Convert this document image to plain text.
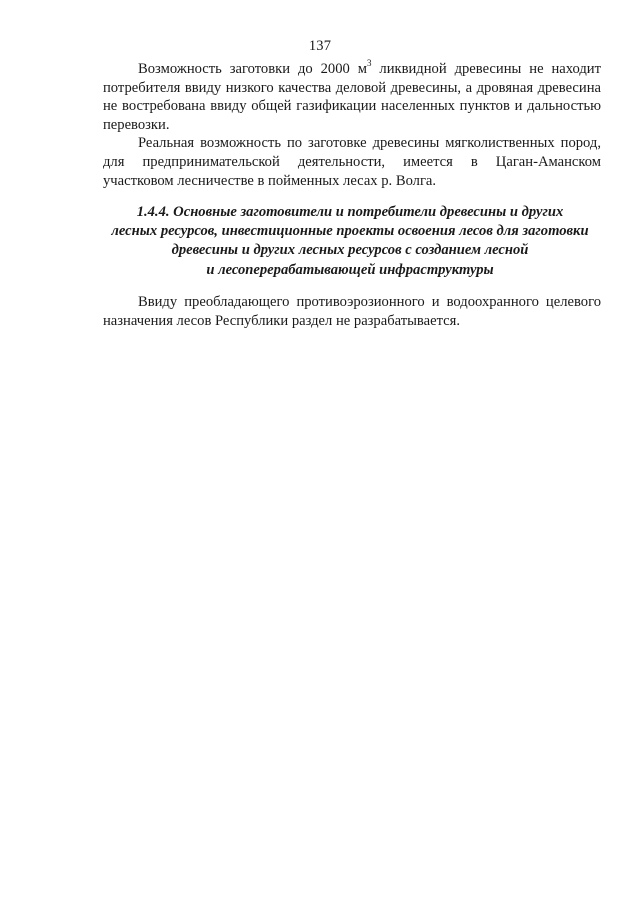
137

Возможность заготовки до 2000 $м^3$ ликвидной древесины не находит потребителя ввиду низкого качества деловой древесины, а дровяная древесина не востребована ввиду общей газификации населенных пунктов и дальностью перевозки.

Реальная возможность по заготовке древесины мягколиственных пород, для предпринимательской деятельности, имеется в Цаган-Аманском участковом лесничестве в пойменных лесах р. Волга.

1.4.4. Основные заготовители и потребители древесины и других
лесных ресурсов, инвестиционные проекты освоения лесов для заготовки
древесины и других лесных ресурсов с созданием лесной
и лесоперерабатывающей инфраструктуры

Ввиду преобладающего противоэрозионного и водоохранного целевого назначения лесов Республики раздел не разрабатывается.
